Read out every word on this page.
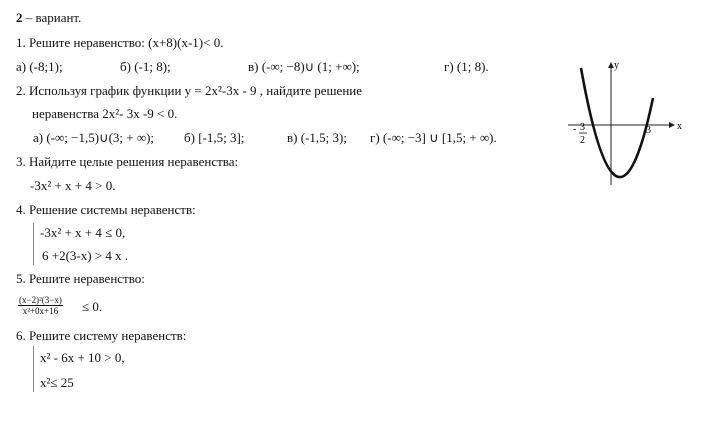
2 – вариант.
1. Решите неравенство: (x+8)(x-1)< 0.
а) (-8;1);	б) (-1; 8);	в) (-∞; −8)∪ (1; +∞);	г) (1; 8).
2. Используя график функции y = 2x²-3x - 9 , найдите решение
неравенства 2x²- 3x -9 < 0.
а) (-∞; −1,5)∪(3; + ∞); б) [-1,5; 3];	в) (-1,5; 3); г) (-∞; −3] ∪ [1,5; + ∞).
3. Найдите целые решения неравенства:
-3x² + x + 4 > 0.
4. Решение системы неравенств:
-3x² + x + 4 ≤ 0,
6 +2(3-x) > 4 x .
5. Решите неравенство:
$\frac{\text{(x−2)²(3−x)}}{\text{x²+0x+16}} \le 0$.
6. Решите систему неравенств:
x² - 6x + 10 > 0,
x²≤ 25
y
x
- 3
2
3
